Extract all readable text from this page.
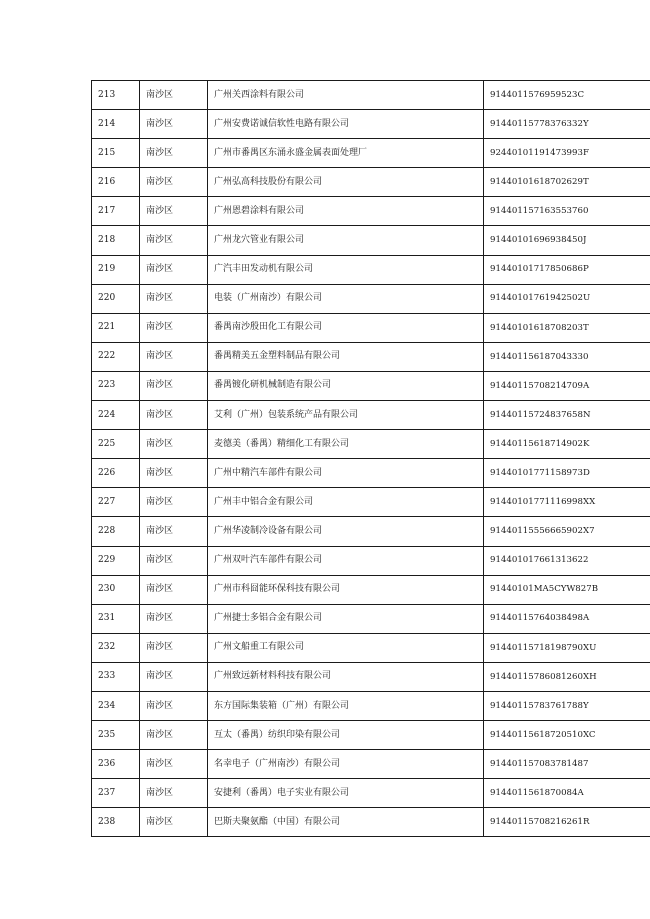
213	南沙区	广州关西涂料有限公司	9144011576959523C
214	南沙区	广州安费诺诚信软性电路有限公司	91440115778376332Y
215	南沙区	广州市番禺区东涌永盛金属表面处理厂	92440101191473993F
216	南沙区	广州弘高科技股份有限公司	91440101618702629T
217	南沙区	广州恩碧涂料有限公司	914401157163553760
218	南沙区	广州龙穴管业有限公司	91440101696938450J
219	南沙区	广汽丰田发动机有限公司	91440101717850686P
220	南沙区	电装（广州南沙）有限公司	91440101761942502U
221	南沙区	番禺南沙殷田化工有限公司	91440101618708203T
222	南沙区	番禺精美五金塑料制品有限公司	914401156187043330
223	南沙区	番禺镀化研机械制造有限公司	91440115708214709A
224	南沙区	艾利（广州）包装系统产品有限公司	91440115724837658N
225	南沙区	麦德美（番禺）精细化工有限公司	91440115618714902K
226	南沙区	广州中精汽车部件有限公司	91440101771158973D
227	南沙区	广州丰中铝合金有限公司	91440101771116998XX
228	南沙区	广州华凌制冷设备有限公司	91440115556665902X7
229	南沙区	广州双叶汽车部件有限公司	914401017661313622
230	南沙区	广州市科囧能环保科技有限公司	91440101MA5CYW827B
231	南沙区	广州捷士多铝合金有限公司	91440115764038498A
232	南沙区	广州文船重工有限公司	91440115718198790XU
233	南沙区	广州致远新材料科技有限公司	91440115786081260XH
234	南沙区	东方国际集装箱（广州）有限公司	91440115783761788Y
235	南沙区	互太（番禺）纺织印染有限公司	91440115618720510XC
236	南沙区	名幸电子（广州南沙）有限公司	914401157083781487
237	南沙区	安捷利（番禺）电子实业有限公司	9144011561870084A
238	南沙区	巴斯夫聚氨酯（中国）有限公司	91440115708216261R
